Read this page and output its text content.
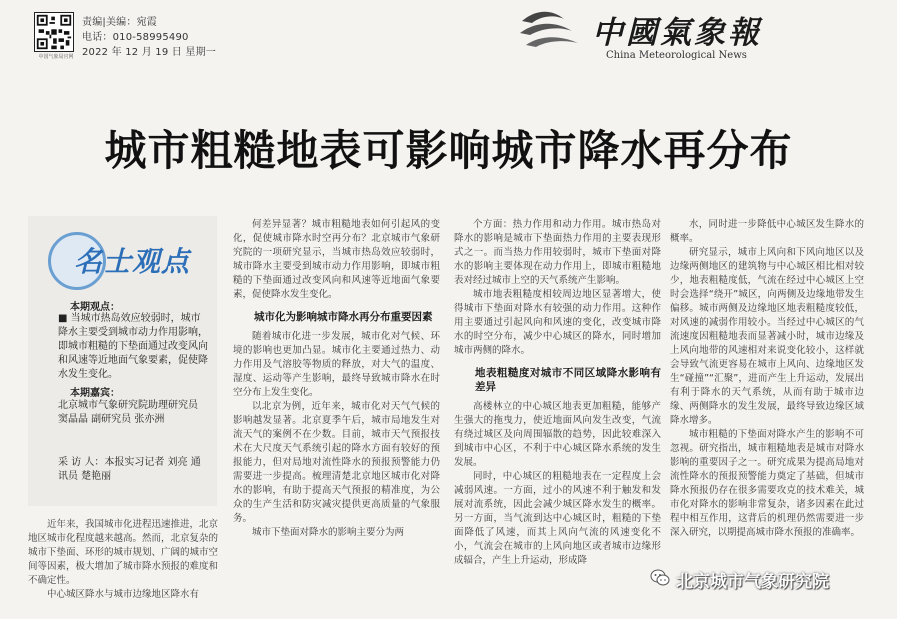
中国气象局官网
责编|美编：宛霞
电话：010-58995490
2022 年 12 月 19 日 星期一
中國氣象報
China Meteorological News
城市粗糙地表可影响城市降水再分布
名士观点
本期观点：
■ 当城市热岛效应较弱时，城市降水主要受到城市动力作用影响，即城市粗糙的下垫面通过改变风向和风速等近地面气象要素，促使降水发生变化。
本期嘉宾：
北京城市气象研究院助理研究员 窦晶晶 副研究员 张亦洲
采 访 人：本报实习记者 刘亮 通讯员 楚艳丽

近年来，我国城市化进程迅速推进，北京地区城市化程度越来越高。然而，北京复杂的城市下垫面、环形的城市规划、广阔的城市空间等因素，极大增加了城市降水预报的难度和不确定性。

中心城区降水与城市边缘地区降水有

何差异显著？城市粗糙地表如何引起风的变化，促使城市降水时空再分布？北京城市气象研究院的一项研究显示，当城市热岛效应较弱时，城市降水主要受到城市动力作用影响，即城市粗糙的下垫面通过改变风向和风速等近地面气象要素，促使降水发生变化。

城市化为影响城市降水再分布重要因素

随着城市化进一步发展，城市化对气候、环境的影响也更加凸显。城市化主要通过热力、动力作用及气溶胶等物质的释放，对大气的温度、湿度、运动等产生影响，最终导致城市降水在时空分布上发生变化。

以北京为例，近年来，城市化对天气气候的影响越发显著。北京夏季午后，城市局地发生对流天气的案例不在少数。目前，城市天气预报技术在大尺度天气系统引起的降水方面有较好的预报能力，但对局地对流性降水的预报预警能力仍需要进一步提高。梳理清楚北京地区城市化对降水的影响，有助于提高天气预报的精准度，为公众的生产生活和防灾减灾提供更高质量的气象服务。

城市下垫面对降水的影响主要分为两

个方面：热力作用和动力作用。城市热岛对降水的影响是城市下垫面热力作用的主要表现形式之一。而当热力作用较弱时，城市下垫面对降水的影响主要体现在动力作用上，即城市粗糙地表对经过城市上空的天气系统产生影响。

城市地表粗糙度相较周边地区显著增大，使得城市下垫面对降水有较强的动力作用。这种作用主要通过引起风向和风速的变化，改变城市降水的时空分布，减少中心城区的降水，同时增加城市两侧的降水。

地表粗糙度对城市不同区域降水影响有差异

高楼林立的中心城区地表更加粗糙，能够产生强大的拖曳力，使近地面风向发生改变，气流有绕过城区及向周围辐散的趋势，因此较难深入到城市中心区，不利于中心城区降水系统的发生发展。

同时，中心城区的粗糙地表在一定程度上会减弱风速。一方面，过小的风速不利于触发和发展对流系统，因此会减少城区降水发生的概率。另一方面，当气流到达中心城区时，粗糙的下垫面降低了风速，而其上风向气流的风速变化不小，气流会在城市的上风向地区或者城市边缘形成辐合，产生上升运动，形成降

水，同时进一步降低中心城区发生降水的概率。

研究显示，城市上风向和下风向地区以及边缘两侧地区的建筑物与中心城区相比相对较少，地表粗糙度低，气流在经过中心城区上空时会选择“绕开”城区，向两侧及边缘地带发生偏移。城市两侧及边缘地区地表粗糙度较低，对风速的减弱作用较小。当经过中心城区的气流速度因粗糙地表而显著减小时，城市边缘及上风向地带的风速相对来说变化较小，这样就会导致气流更容易在城市上风向、边缘地区发生“碰撞”“汇聚”，进而产生上升运动，发展出有利于降水的天气系统，从而有助于城市边缘、两侧降水的发生发展，最终导致边缘区域降水增多。

城市粗糙的下垫面对降水产生的影响不可忽视。研究指出，城市粗糙地表是城市对降水影响的重要因子之一。研究成果为提高局地对流性降水的预报预警能力奠定了基础，但城市降水预报仍存在很多需要攻克的技术难关，城市化对降水的影响非常复杂，诸多因素在此过程中相互作用，这背后的机理仍然需要进一步深入研究，以期提高城市降水预报的准确率。

北京城市气象研究院
